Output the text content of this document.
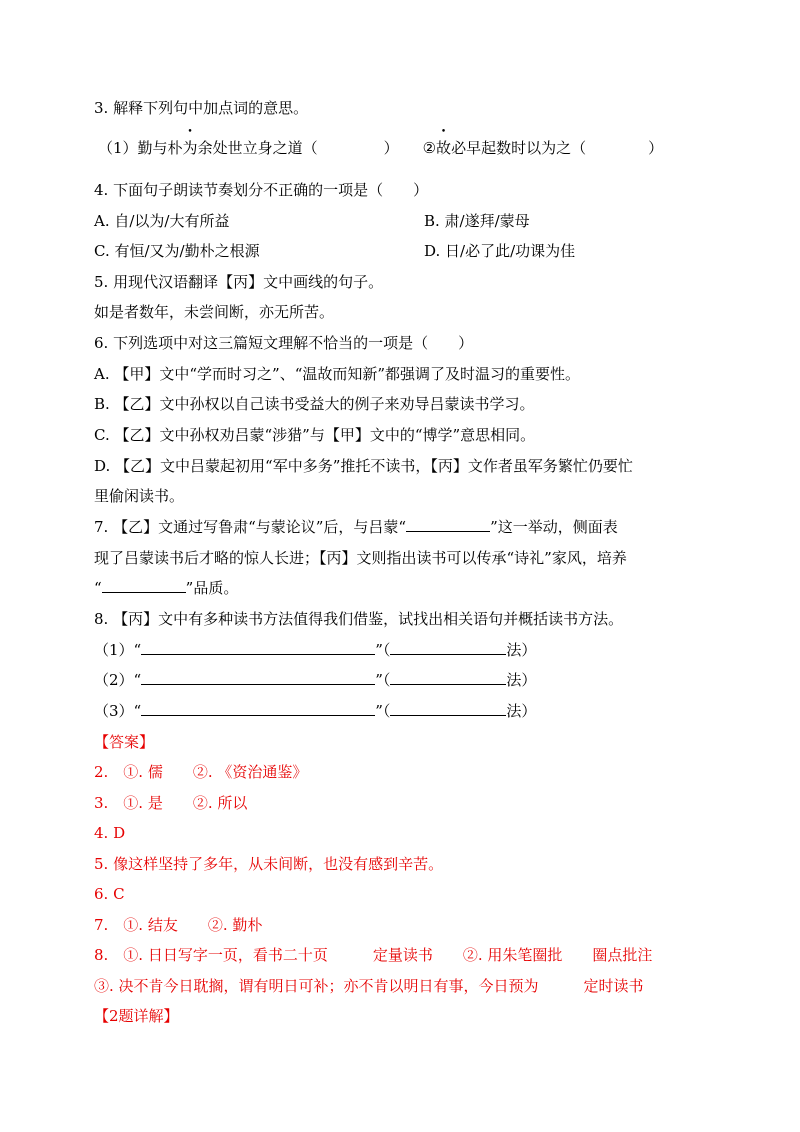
3. 解释下列句中加点词的意思。
（1）勤与朴为余处世立身之道（	） ②故必早起数时以为之（	）
4. 下面句子朗读节奏划分不正确的一项是（　　）
A. 自/以为/大有所益	B. 肃/遂拜/蒙母
C. 有恒/又为/勤朴之根源	D. 日/必了此/功课为佳
5. 用现代汉语翻译【丙】文中画线的句子。
如是者数年，未尝间断，亦无所苦。
6. 下列选项中对这三篇短文理解不恰当的一项是（　　）
A. 【甲】文中“学而时习之”、“温故而知新”都强调了及时温习的重要性。
B. 【乙】文中孙权以自己读书受益大的例子来劝导吕蒙读书学习。
C. 【乙】文中孙权劝吕蒙“涉猎”与【甲】文中的“博学”意思相同。
D. 【乙】文中吕蒙起初用“军中多务”推托不读书，【丙】文作者虽军务繁忙仍要忙
里偷闲读书。
7. 【乙】文通过写鲁肃“与蒙论议”后，与吕蒙“	”这一举动，侧面表
现了吕蒙读书后才略的惊人长进；【丙】文则指出读书可以传承“诗礼”家风，培养
“	”品质。
8. 【丙】文中有多种读书方法值得我们借鉴，试找出相关语句并概括读书方法。
（1）“	”（	法）
（2）“	”（	法）
（3）“	”（	法）
【答案】
2.　①. 儒　　②. 《资治通鉴》
3.　①. 是　　②. 所以
4. D
5. 像这样坚持了多年，从未间断，也没有感到辛苦。
6. C
7.　①. 结友　　②. 勤朴
8.　①. 日日写字一页，看书二十页　　　定量读书　　②. 用朱笔圈批　　圈点批注
③. 决不肯今日耽搁，谓有明日可补；亦不肯以明日有事，今日预为　　　定时读书
【2题详解】
